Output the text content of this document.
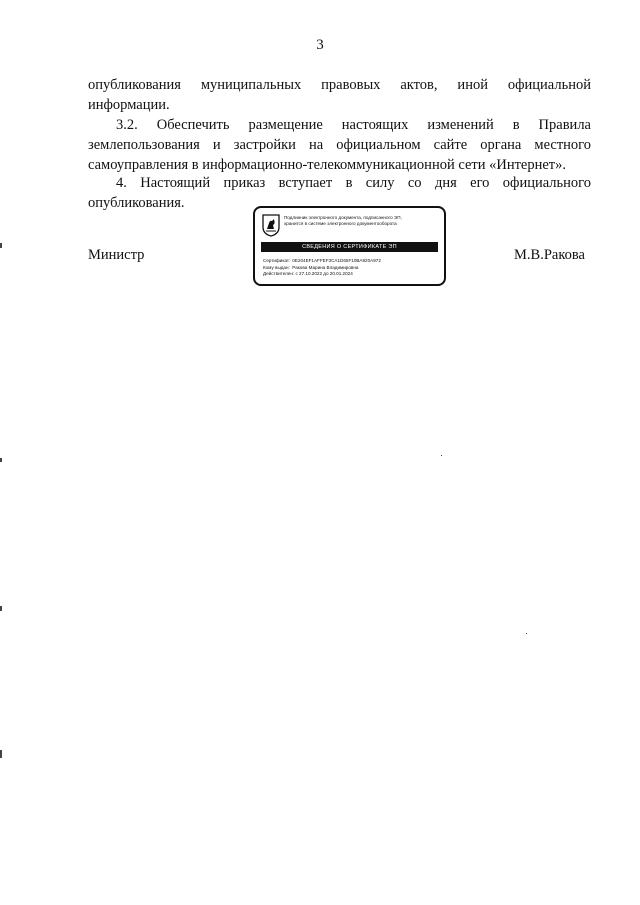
3
опубликования муниципальных правовых актов, иной официальной
информации.
3.2. Обеспечить размещение настоящих изменений в Правила
землепользования и застройки на официальном сайте органа местного
самоуправления в информационно-телекоммуникационной сети «Интернет».
4. Настоящий приказ вступает в силу со дня его официального
опубликования.
Министр	М.В.Ракова
Подлинник электронного документа, подписанного ЭП,
хранится в системе электронного документооборота
СВЕДЕНИЯ О СЕРТИФИКАТЕ ЭП
Сертификат: 0E204EF1AFFEF3CA1D65F10BA920A972
Кому выдан: Ракова Марина Владимировна
Действителен: с 27.10.2022 до 20.01.2024
